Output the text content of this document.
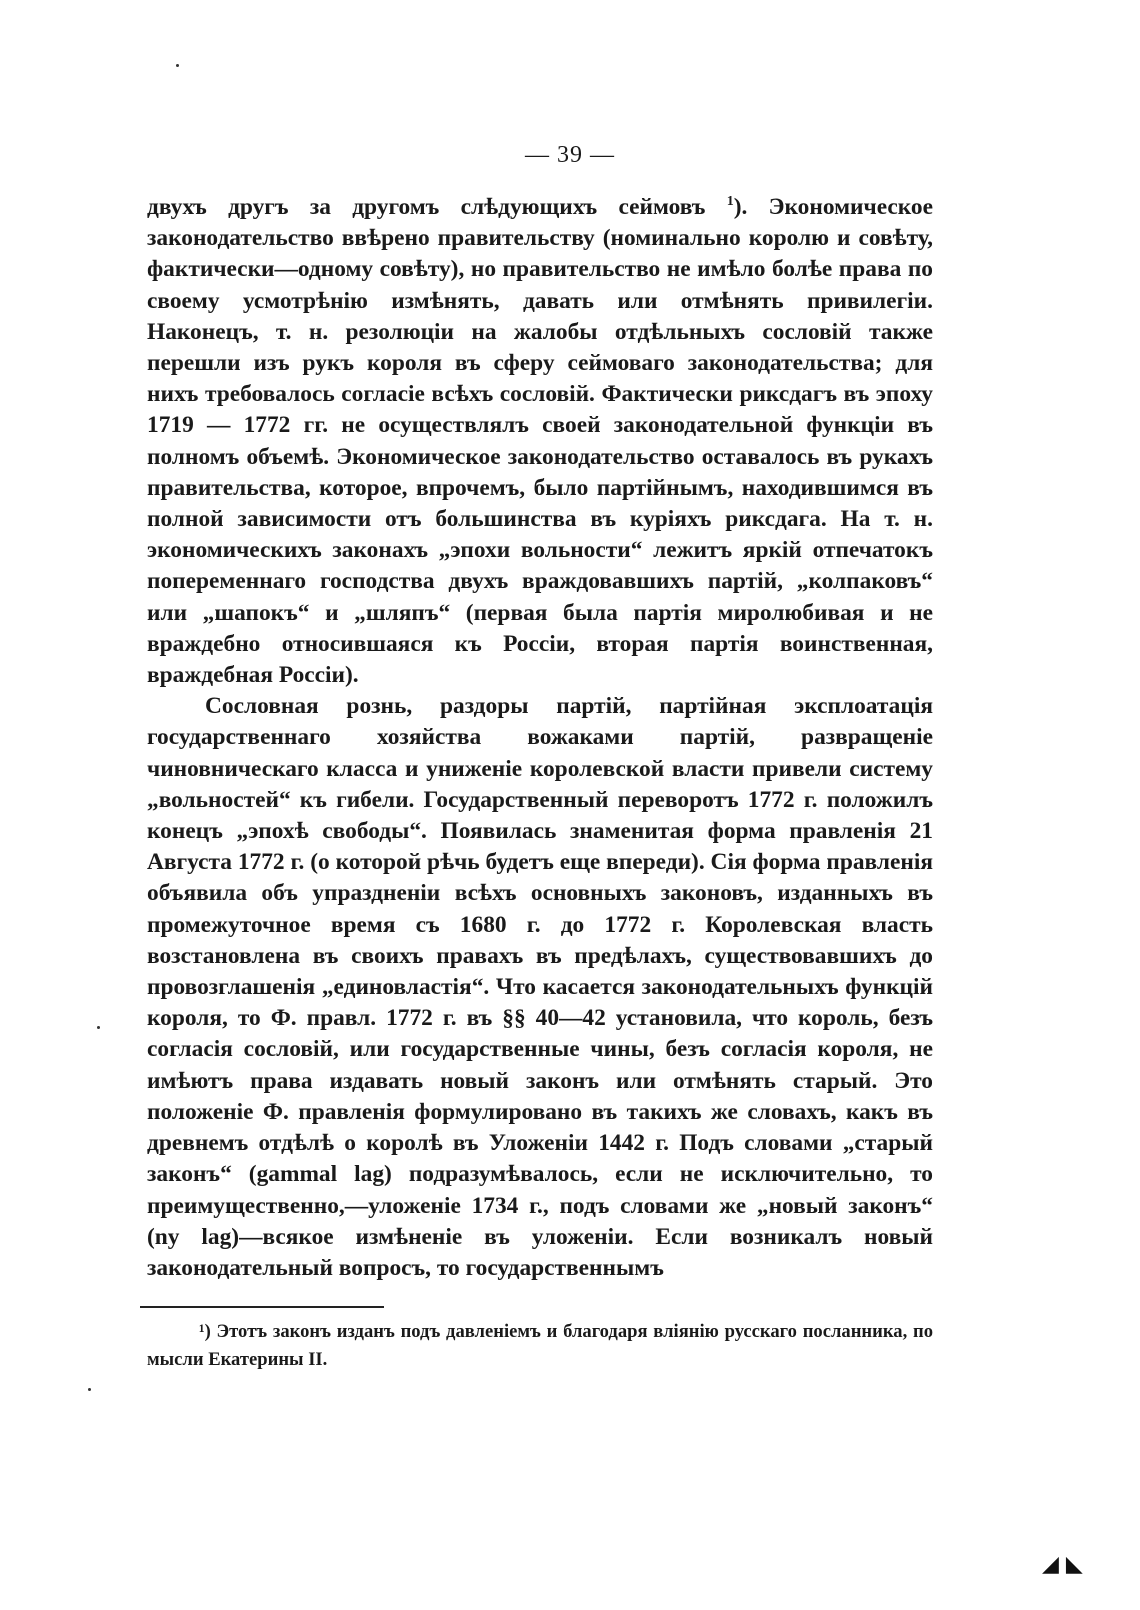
— 39 —

двухъ другъ за другомъ слѣдующихъ сеймовъ $^1$). Экономическое законодательство ввѣрено правительству (номинально королю и совѣту, фактически—одному совѣту), но правительство не имѣло болѣе права по своему усмотрѣнію измѣнять, давать или отмѣнять привилегіи. Наконецъ, т. н. резолюціи на жалобы отдѣльныхъ сословій также перешли изъ рукъ короля въ сферу сеймоваго законодательства; для нихъ требовалось согласіе всѣхъ сословій. Фактически риксдагъ въ эпоху 1719 — 1772 гг. не осуществлялъ своей законодательной функціи въ полномъ объемѣ. Экономическое законодательство оставалось въ рукахъ правительства, которое, впрочемъ, было партійнымъ, находившимся въ полной зависимости отъ большинства въ куріяхъ риксдага. На т. н. экономическихъ законахъ „эпохи вольности“ лежитъ яркій отпечатокъ попеременнаго господства двухъ враждовавшихъ партій, „колпаковъ“ или „шапокъ“ и „шляпъ“ (первая была партія миролюбивая и не враждебно относившаяся къ Россіи, вторая партія воинственная, враждебная Россіи).

Сословная рознь, раздоры партій, партійная эксплоатація государственнаго хозяйства вожаками партій, развращеніе чиновническаго класса и униженіе королевской власти привели систему „вольностей“ къ гибели. Государственный переворотъ 1772 г. положилъ конецъ „эпохѣ свободы“. Появилась знаменитая форма правленія 21 Августа 1772 г. (о которой рѣчь будетъ еще впереди). Сія форма правленія объявила объ упраздненіи всѣхъ основныхъ законовъ, изданныхъ въ промежуточное время съ 1680 г. до 1772 г. Королевская власть возстановлена въ своихъ правахъ въ предѣлахъ, существовавшихъ до провозглашенія „единовластія“. Что касается законодательныхъ функцій короля, то Ф. правл. 1772 г. въ §§ 40—42 установила, что король, безъ согласія сословій, или государственные чины, безъ согласія короля, не имѣютъ права издавать новый законъ или отмѣнять старый. Это положеніе Ф. правленія формулировано въ такихъ же словахъ, какъ въ древнемъ отдѣлѣ о королѣ въ Уложеніи 1442 г. Подъ словами „старый законъ“ (gammal lag) подразумѣвалось, если не исключительно, то преимущественно,—уложеніе 1734 г., подъ словами же „новый законъ“ (ny lag)—всякое измѣненіе въ уложеніи. Если возникалъ новый законодательный вопросъ, то государственнымъ

¹) Этотъ законъ изданъ подъ давленіемъ и благодаря вліянію русскаго посланника, по мысли Екатерины II.

◢ ◣
